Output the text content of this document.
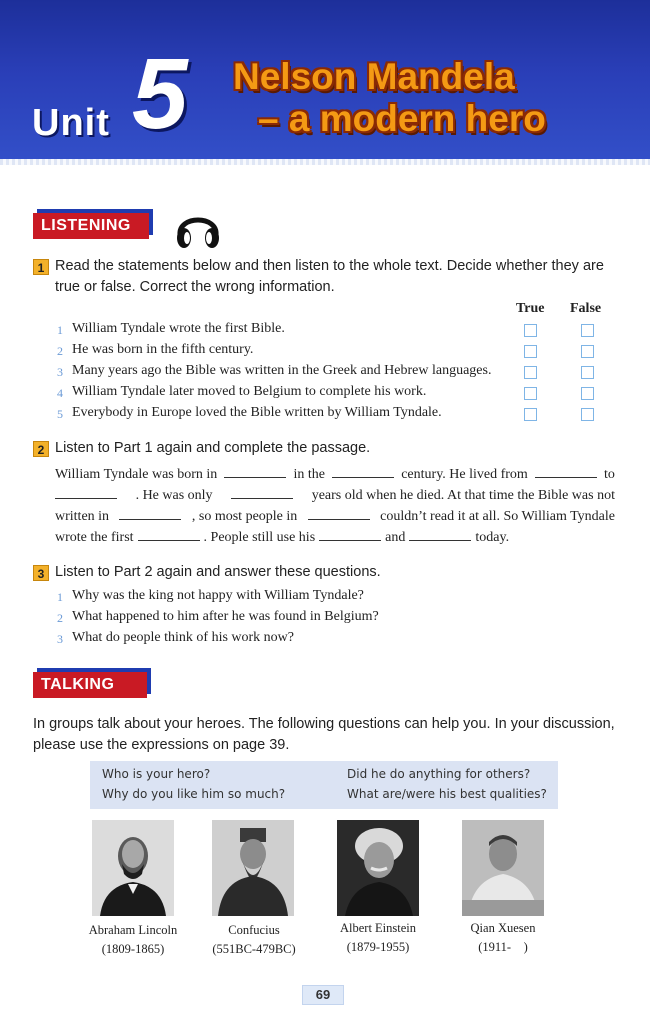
Unit 5 Nelson Mandela
– a modern hero
LISTENING
1 Read the statements below and then listen to the whole text. Decide whether they are
true or false. Correct the wrong information.
True False
1 William Tyndale wrote the first Bible.
2 He was born in the fifth century.
3 Many years ago the Bible was written in the Greek and Hebrew languages.
4 William Tyndale later moved to Belgium to complete his work.
5 Everybody in Europe loved the Bible written by William Tyndale.
2 Listen to Part 1 again and complete the passage.
William Tyndale was born in	in the	century. He lived from	to
. He was only	years old when he died. At that time the Bible was not
written in	, so most people in	couldn’t read it at all. So William Tyndale
wrote the first	. People still use his	and	today.
3 Listen to Part 2 again and answer these questions.
1 Why was the king not happy with William Tyndale?
2 What happened to him after he was found in Belgium?
3 What do people think of his work now?
TALKING
In groups talk about your heroes. The following questions can help you. In your discussion,
please use the expressions on page 39.
Who is your hero?
Why do you like him so much?
Did he do anything for others?
What are/were his best qualities?
Abraham Lincoln
(1809-1865)
Confucius
(551BC-479BC)
Albert Einstein
(1879-1955)
Qian Xuesen
(1911-　)
69
